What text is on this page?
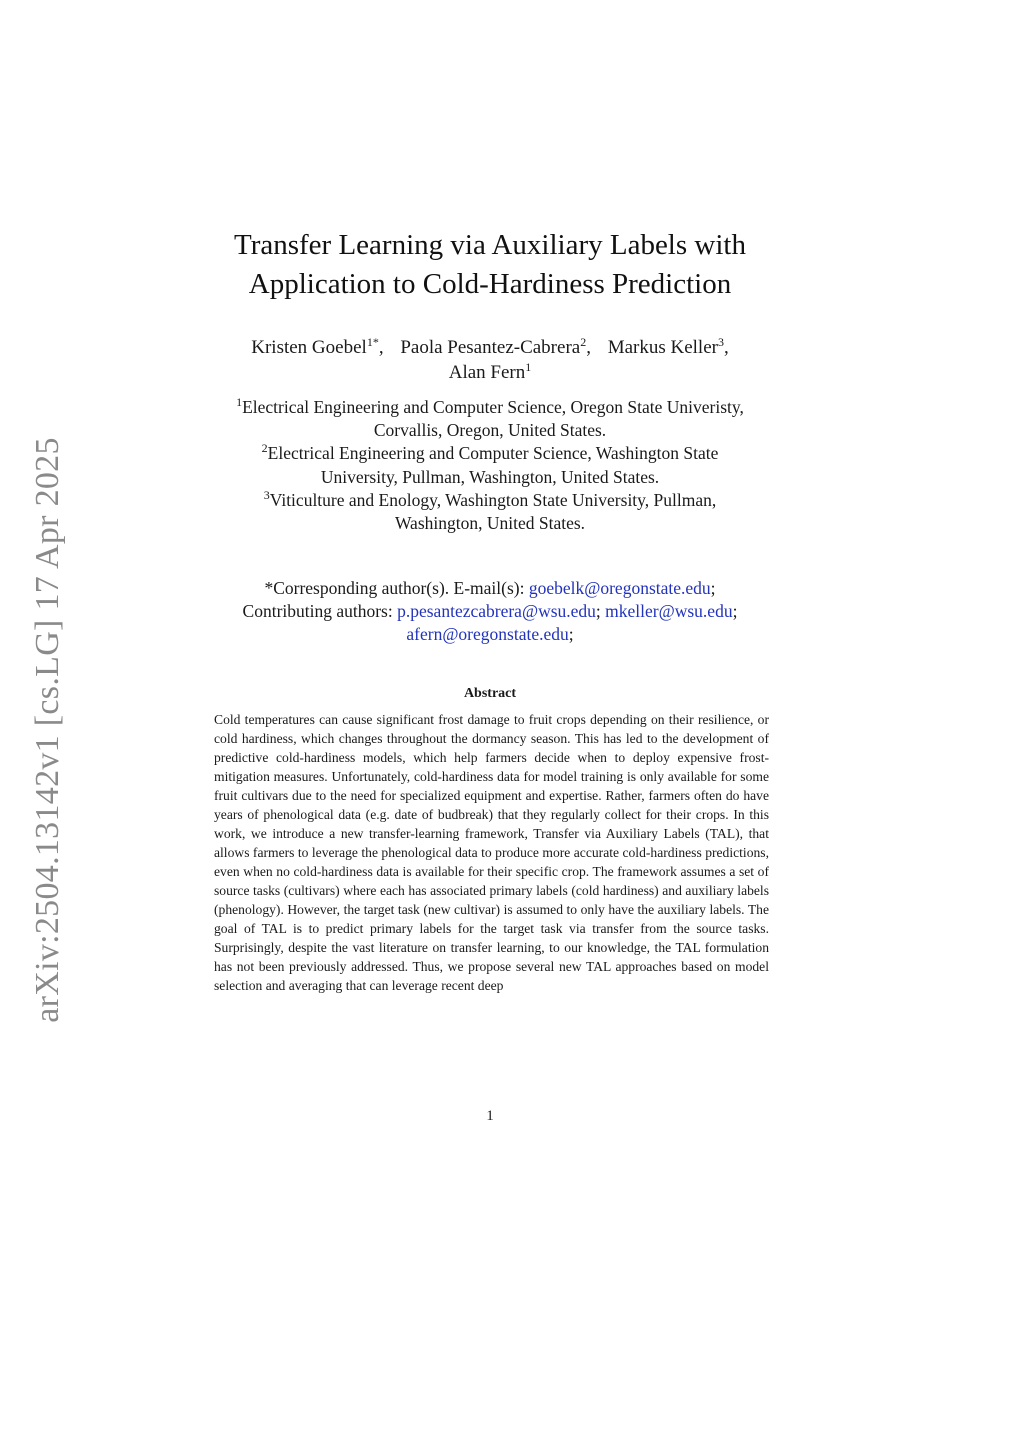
arXiv:2504.13142v1 [cs.LG] 17 Apr 2025
Transfer Learning via Auxiliary Labels with
Application to Cold-Hardiness Prediction
Kristen Goebel$^{1*}$, Paola Pesantez-Cabrera$^2$, Markus Keller$^3$,
Alan Fern$^1$
$^1$Electrical Engineering and Computer Science, Oregon State Univeristy,
Corvallis, Oregon, United States.
$^2$Electrical Engineering and Computer Science, Washington State
University, Pullman, Washington, United States.
$^3$Viticulture and Enology, Washington State University, Pullman,
Washington, United States.
*Corresponding author(s). E-mail(s): goebelk@oregonstate.edu;
Contributing authors: p.pesantezcabrera@wsu.edu; mkeller@wsu.edu;
afern@oregonstate.edu;
Abstract

Cold temperatures can cause significant frost damage to fruit crops depending on their resilience, or cold hardiness, which changes throughout the dormancy season. This has led to the development of predictive cold-hardiness models, which help farmers decide when to deploy expensive frost-mitigation measures. Unfortunately, cold-hardiness data for model training is only available for some fruit cultivars due to the need for specialized equipment and expertise. Rather, farmers often do have years of phenological data (e.g. date of budbreak) that they regularly collect for their crops. In this work, we introduce a new transfer-learning framework, Transfer via Auxiliary Labels (TAL), that allows farmers to leverage the phenological data to produce more accurate cold-hardiness predictions, even when no cold-hardiness data is available for their specific crop. The framework assumes a set of source tasks (cultivars) where each has associated primary labels (cold hardiness) and auxiliary labels (phenology). However, the target task (new cultivar) is assumed to only have the auxiliary labels. The goal of TAL is to predict primary labels for the target task via transfer from the source tasks. Surprisingly, despite the vast literature on transfer learning, to our knowledge, the TAL formulation has not been previously addressed. Thus, we propose several new TAL approaches based on model selection and averaging that can leverage recent deep

1
